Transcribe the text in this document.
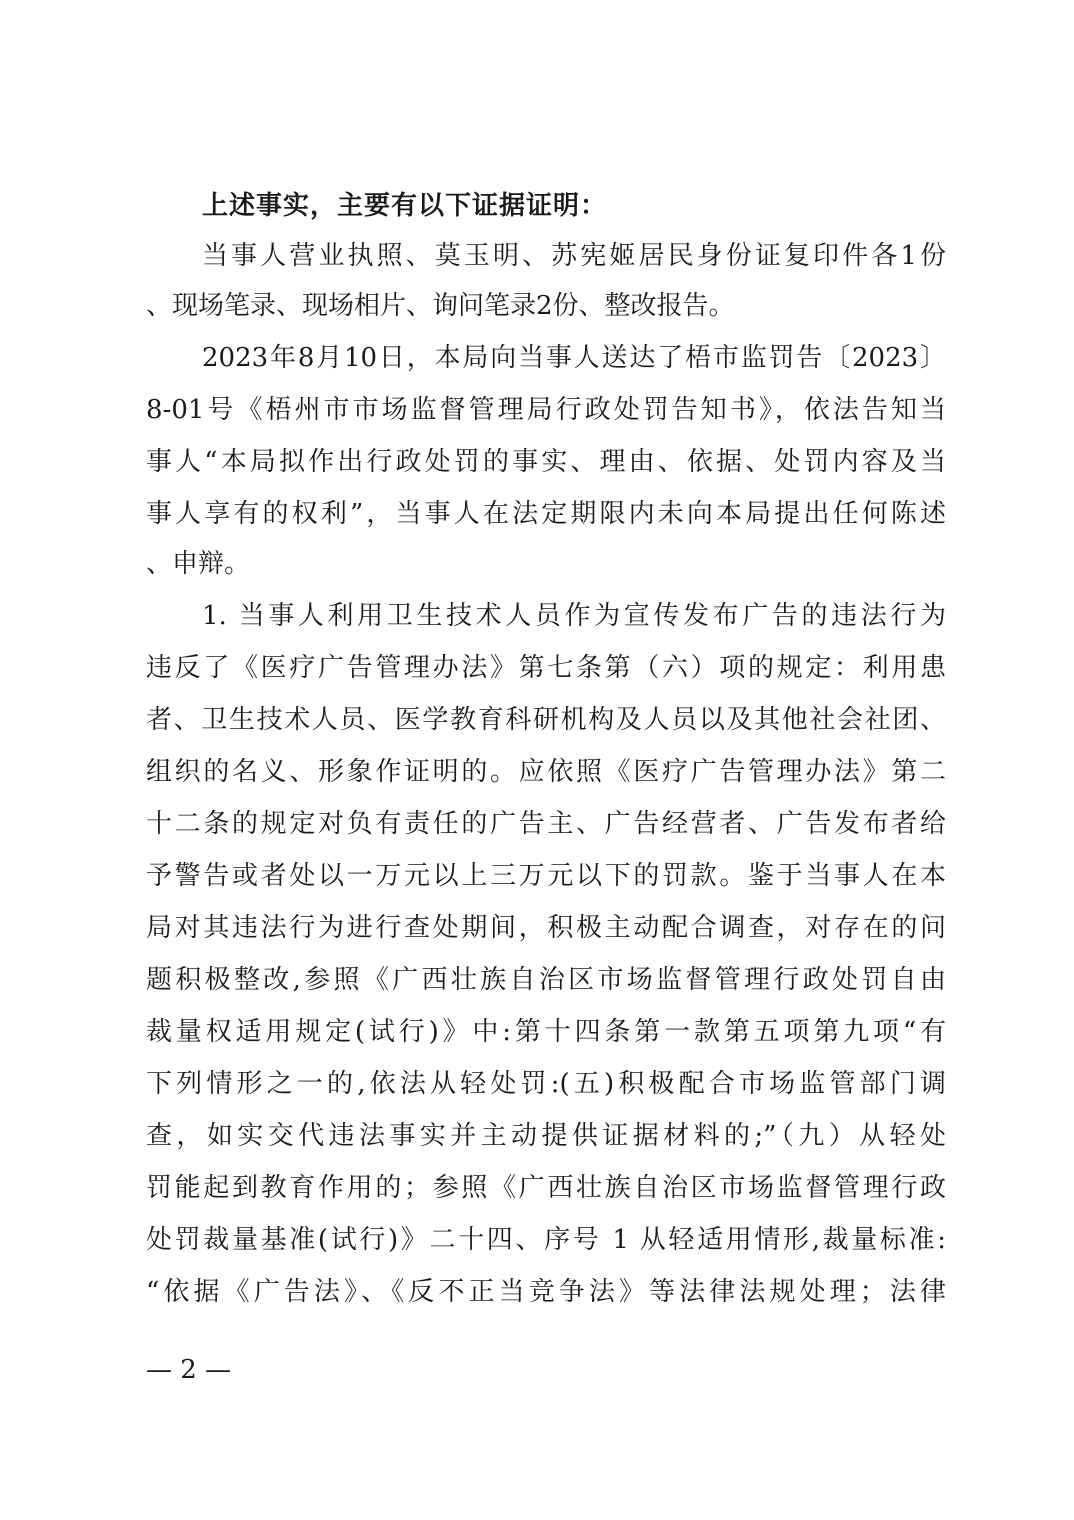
上述事实，主要有以下证据证明：
当事人营业执照、莫玉明、苏宪姬居民身份证复印件各1份
、现场笔录、现场相片、询问笔录2份、整改报告。
2023年8月10日，本局向当事人送达了梧市监罚告〔2023〕
8-01号《梧州市市场监督管理局行政处罚告知书》，依法告知当
事人“本局拟作出行政处罚的事实、理由、依据、处罚内容及当
事人享有的权利”，当事人在法定期限内未向本局提出任何陈述
、申辩。
1. 当事人利用卫生技术人员作为宣传发布广告的违法行为
违反了《医疗广告管理办法》第七条第（六）项的规定：利用患
者、卫生技术人员、医学教育科研机构及人员以及其他社会社团、
组织的名义、形象作证明的。应依照《医疗广告管理办法》第二
十二条的规定对负有责任的广告主、广告经营者、广告发布者给
予警告或者处以一万元以上三万元以下的罚款。鉴于当事人在本
局对其违法行为进行查处期间，积极主动配合调查，对存在的问
题积极整改,参照《广西壮族自治区市场监督管理行政处罚自由
裁量权适用规定(试行)》中:第十四条第一款第五项第九项“有
下列情形之一的,依法从轻处罚:(五)积极配合市场监管部门调
查，如实交代违法事实并主动提供证据材料的;”（九）从轻处
罚能起到教育作用的；参照《广西壮族自治区市场监督管理行政
处罚裁量基准(试行)》二十四、序号 1 从轻适用情形,裁量标准:
“依据《广告法》、《反不正当竞争法》等法律法规处理；法律
— 2 —
